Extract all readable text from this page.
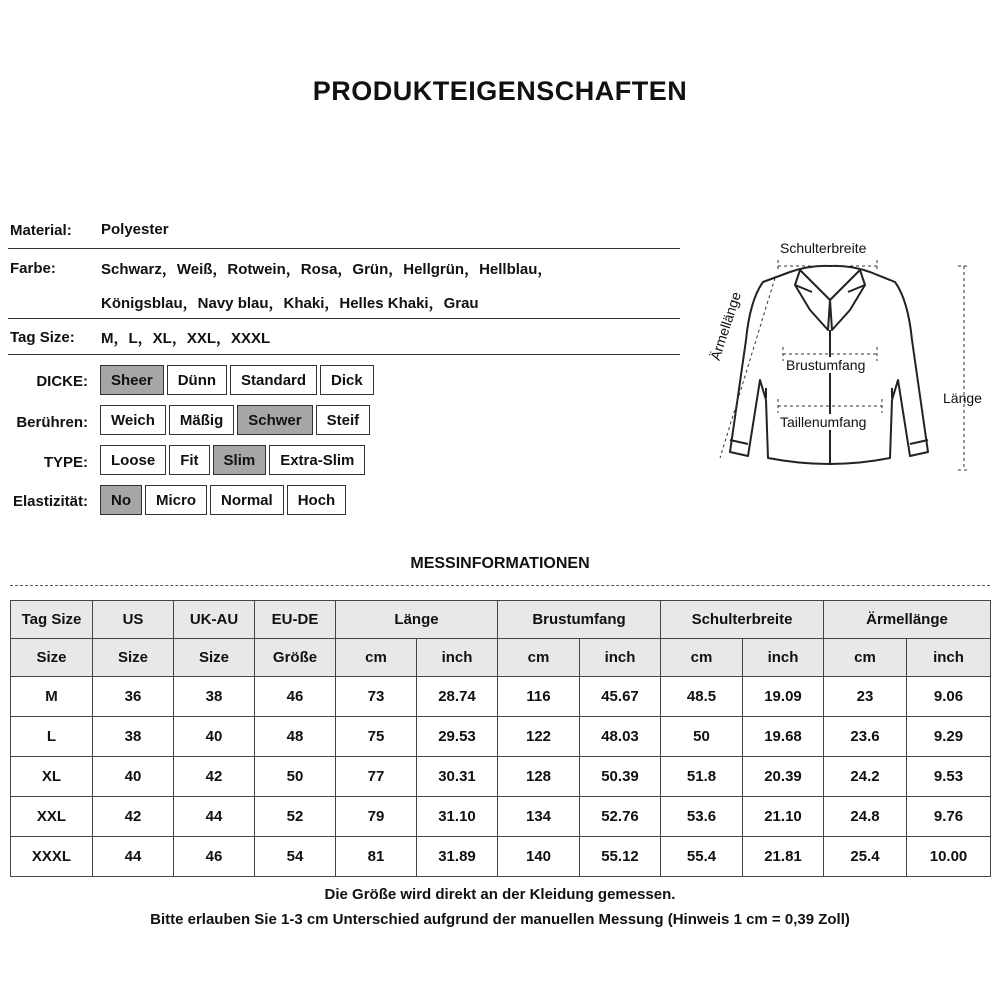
PRODUKTEIGENSCHAFTEN
Material: Polyester
Farbe:	Schwarz，Weiß，Rotwein，Rosa，Grün，Hellgrün，Hellblau，
Königsblau，Navy blau，Khaki，Helles Khaki，Grau
Tag Size: M，L，XL，XXL，XXXL
DICKE:	Sheer	Dünn	Standard	Dick
Berühren:	Weich	Mäßig	Schwer	Steif
TYPE:	Loose	Fit	Slim	Extra-Slim
Elastizität:	No	Micro	Normal	Hoch
Schulterbreite
Ärmellänge
Brustumfang
Taillenumfang
Länge
MESSINFORMATIONEN
Tag Size	US	UK-AU	EU-DE	Länge		Brustumfang		Schulterbreite		Ärmellänge	
Size	Size	Size	Größe	cm	inch	cm	inch	cm	inch	cm	inch
M	36	38	46	73	28.74	116	45.67	48.5	19.09	23	9.06
L	38	40	48	75	29.53	122	48.03	50	19.68	23.6	9.29
XL	40	42	50	77	30.31	128	50.39	51.8	20.39	24.2	9.53
XXL	42	44	52	79	31.10	134	52.76	53.6	21.10	24.8	9.76
XXXL	44	46	54	81	31.89	140	55.12	55.4	21.81	25.4	10.00
Die Größe wird direkt an der Kleidung gemessen.
Bitte erlauben Sie 1-3 cm Unterschied aufgrund der manuellen Messung (Hinweis 1 cm = 0,39 Zoll)
